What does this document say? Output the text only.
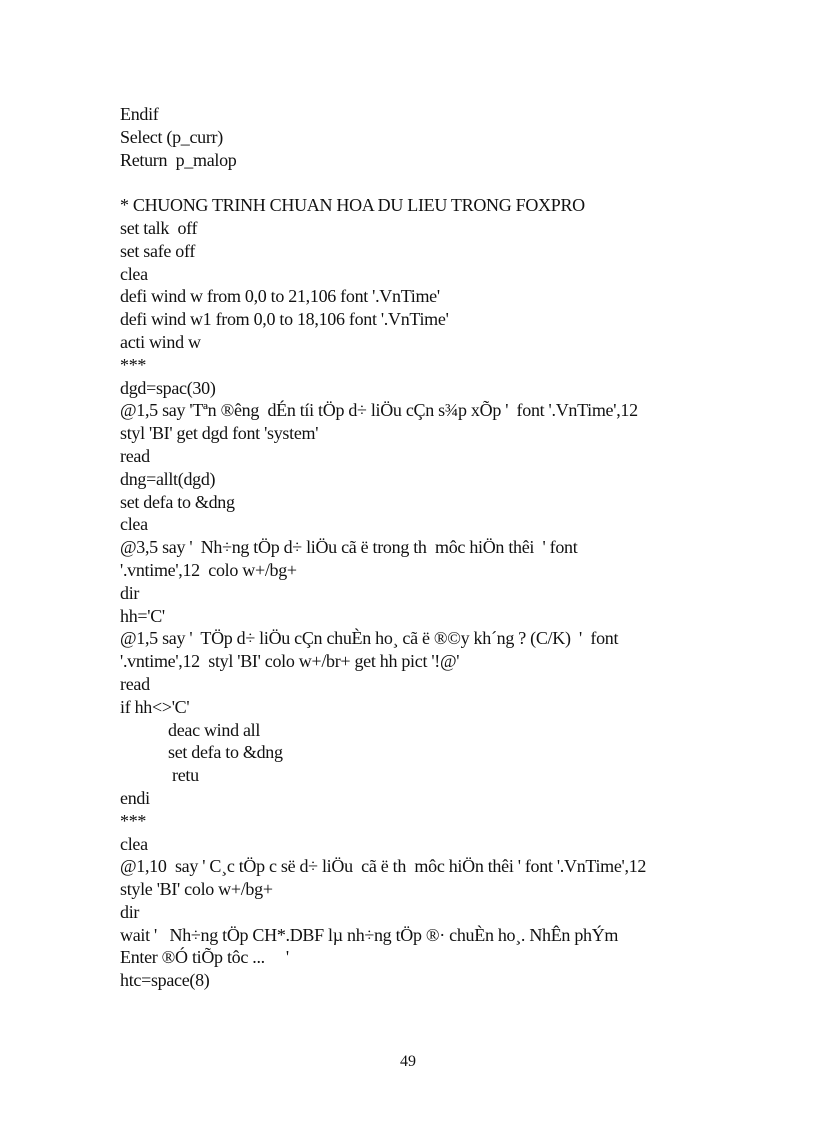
Endif
Select (p_curr)
Return  p_malop
* CHUONG TRINH CHUAN HOA DU LIEU TRONG FOXPRO
set talk  off
set safe off
clea
defi wind w from 0,0 to 21,106 font '.VnTime'
defi wind w1 from 0,0 to 18,106 font '.VnTime'
acti wind w
***
dgd=spac(30)
@1,5 say 'Tªn ®êng  dÉn tíi tÖp d÷ liÖu cÇn s¾p xÕp '  font '.VnTime',12
styl 'BI' get dgd font 'system'
read
dng=allt(dgd)
set defa to &dng
clea
@3,5 say '  Nh÷ng tÖp d÷ liÖu cã ë trong th  môc hiÖn thêi  ' font
'.vntime',12  colo w+/bg+
dir
hh='C'
@1,5 say '  TÖp d÷ liÖu cÇn chuÈn ho¸ cã ë ®©y kh´ng ? (C/K)  '  font
'.vntime',12  styl 'BI' colo w+/br+ get hh pict '!@'
read
if hh<>'C'
deac wind all
set defa to &dng
retu
endi
***
clea
@1,10  say ' C¸c tÖp c së d÷ liÖu  cã ë th  môc hiÖn thêi ' font '.VnTime',12
style 'BI' colo w+/bg+
dir
wait '   Nh÷ng tÖp CH*.DBF lµ nh÷ng tÖp ®· chuÈn ho¸. NhÊn phÝm
Enter ®Ó tiÕp tôc ...     '
htc=space(8)
49
